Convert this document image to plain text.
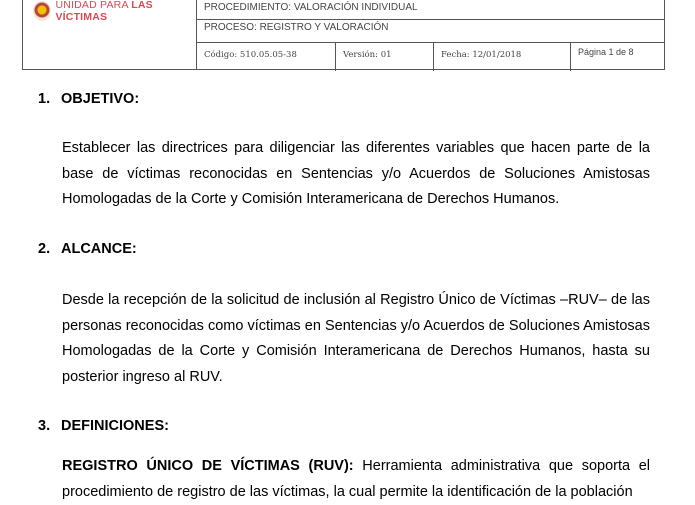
UNIDAD PARA LAS VÍCTIMAS
PROCEDIMIENTO: VALORACIÓN INDIVIDUAL
PROCESO: REGISTRO Y VALORACIÓN
Código: 510.05.05-38	Versión: 01	Fecha: 12/01/2018	Página 1 de 8
1. OBJETIVO:
Establecer las directrices para diligenciar las diferentes variables que hacen parte de la base de víctimas reconocidas en Sentencias y/o Acuerdos de Soluciones Amistosas Homologadas de la Corte y Comisión Interamericana de Derechos Humanos.
2. ALCANCE:
Desde la recepción de la solicitud de inclusión al Registro Único de Víctimas –RUV– de las personas reconocidas como víctimas en Sentencias y/o Acuerdos de Soluciones Amistosas Homologadas de la Corte y Comisión Interamericana de Derechos Humanos, hasta su posterior ingreso al RUV.
3. DEFINICIONES:
REGISTRO ÚNICO DE VÍCTIMAS (RUV): Herramienta administrativa que soporta el procedimiento de registro de las víctimas, la cual permite la identificación de la población
